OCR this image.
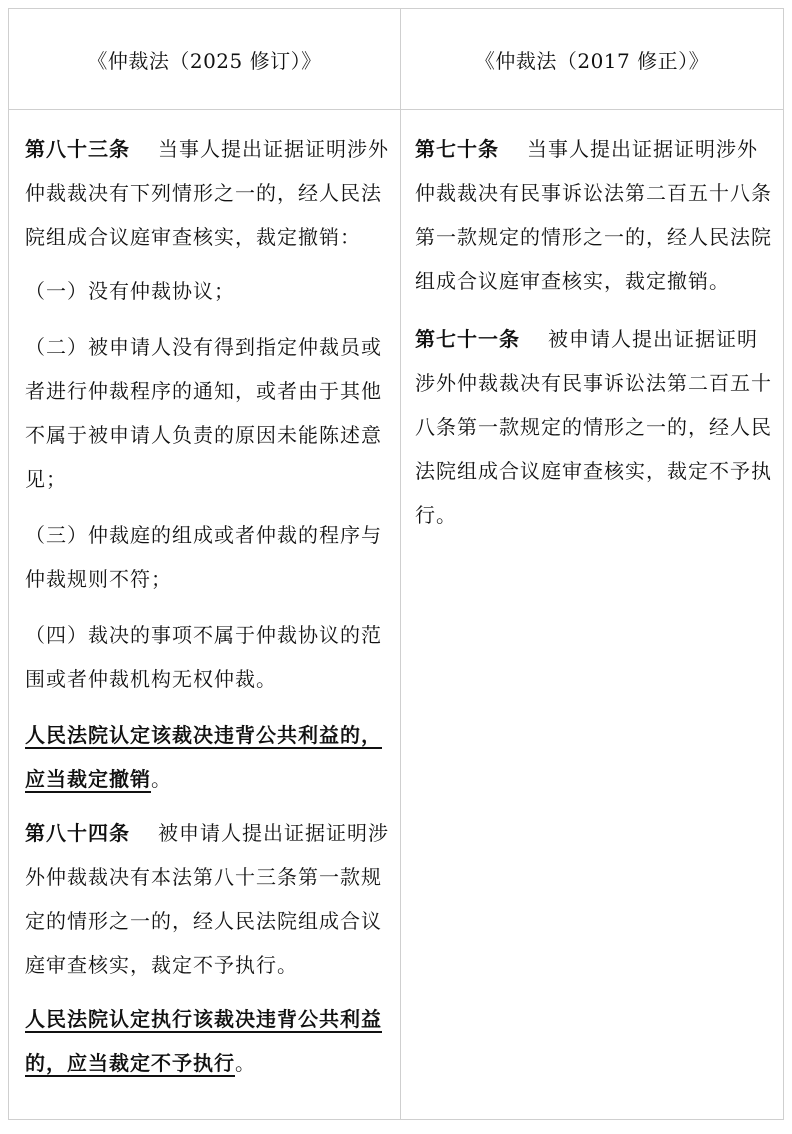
《仲裁法（2025 修订）》	《仲裁法（2017 修正）》

第八十三条 当事人提出证据证明涉外仲裁裁决有下列情形之一的，经人民法院组成合议庭审查核实，裁定撤销：

（一）没有仲裁协议；

（二）被申请人没有得到指定仲裁员或者进行仲裁程序的通知，或者由于其他不属于被申请人负责的原因未能陈述意见；

（三）仲裁庭的组成或者仲裁的程序与仲裁规则不符；

（四）裁决的事项不属于仲裁协议的范围或者仲裁机构无权仲裁。

人民法院认定该裁决违背公共利益的，应当裁定撤销。

第八十四条 被申请人提出证据证明涉外仲裁裁决有本法第八十三条第一款规定的情形之一的，经人民法院组成合议庭审查核实，裁定不予执行。

人民法院认定执行该裁决违背公共利益的，应当裁定不予执行。

第七十条 当事人提出证据证明涉外仲裁裁决有民事诉讼法第二百五十八条第一款规定的情形之一的，经人民法院组成合议庭审查核实，裁定撤销。

第七十一条 被申请人提出证据证明涉外仲裁裁决有民事诉讼法第二百五十八条第一款规定的情形之一的，经人民法院组成合议庭审查核实，裁定不予执行。
